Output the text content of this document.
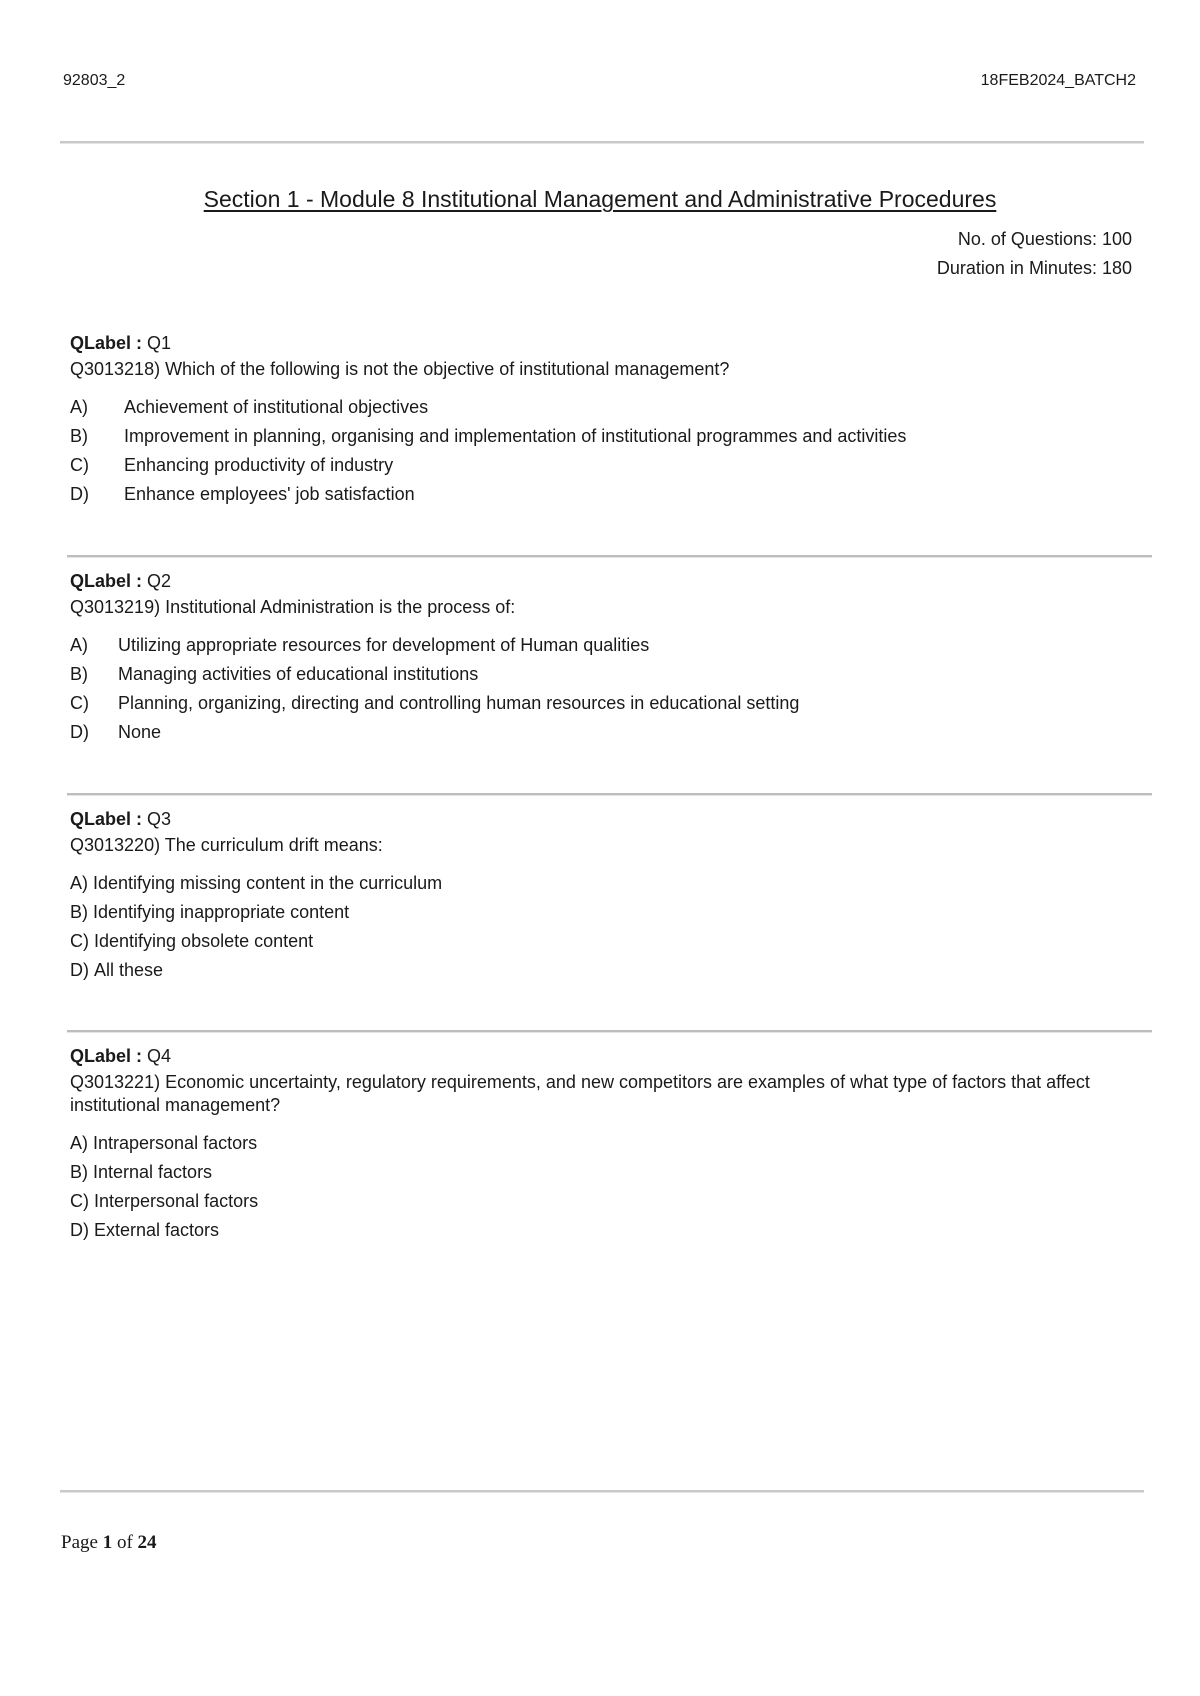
92803_2	18FEB2024_BATCH2
Section 1 - Module 8 Institutional Management and Administrative Procedures
No. of Questions: 100
Duration in Minutes: 180
QLabel : Q1
Q3013218) Which of the following is not the objective of institutional management?
A)	Achievement of institutional objectives
B)	Improvement in planning, organising and implementation of institutional programmes and activities
C)	Enhancing productivity of industry
D)	Enhance employees' job satisfaction
QLabel : Q2
Q3013219) Institutional Administration is the process of:
A)	Utilizing appropriate resources for development of Human qualities
B)	Managing activities of educational institutions
C)	Planning, organizing, directing and controlling human resources in educational setting
D)	None
QLabel : Q3
Q3013220) The curriculum drift means:
A) Identifying missing content in the curriculum
B) Identifying inappropriate content
C) Identifying obsolete content
D) All these
QLabel : Q4
Q3013221) Economic uncertainty, regulatory requirements, and new competitors are examples of what type of factors that affect institutional management?
A) Intrapersonal factors
B) Internal factors
C) Interpersonal factors
D) External factors
Page 1 of 24
